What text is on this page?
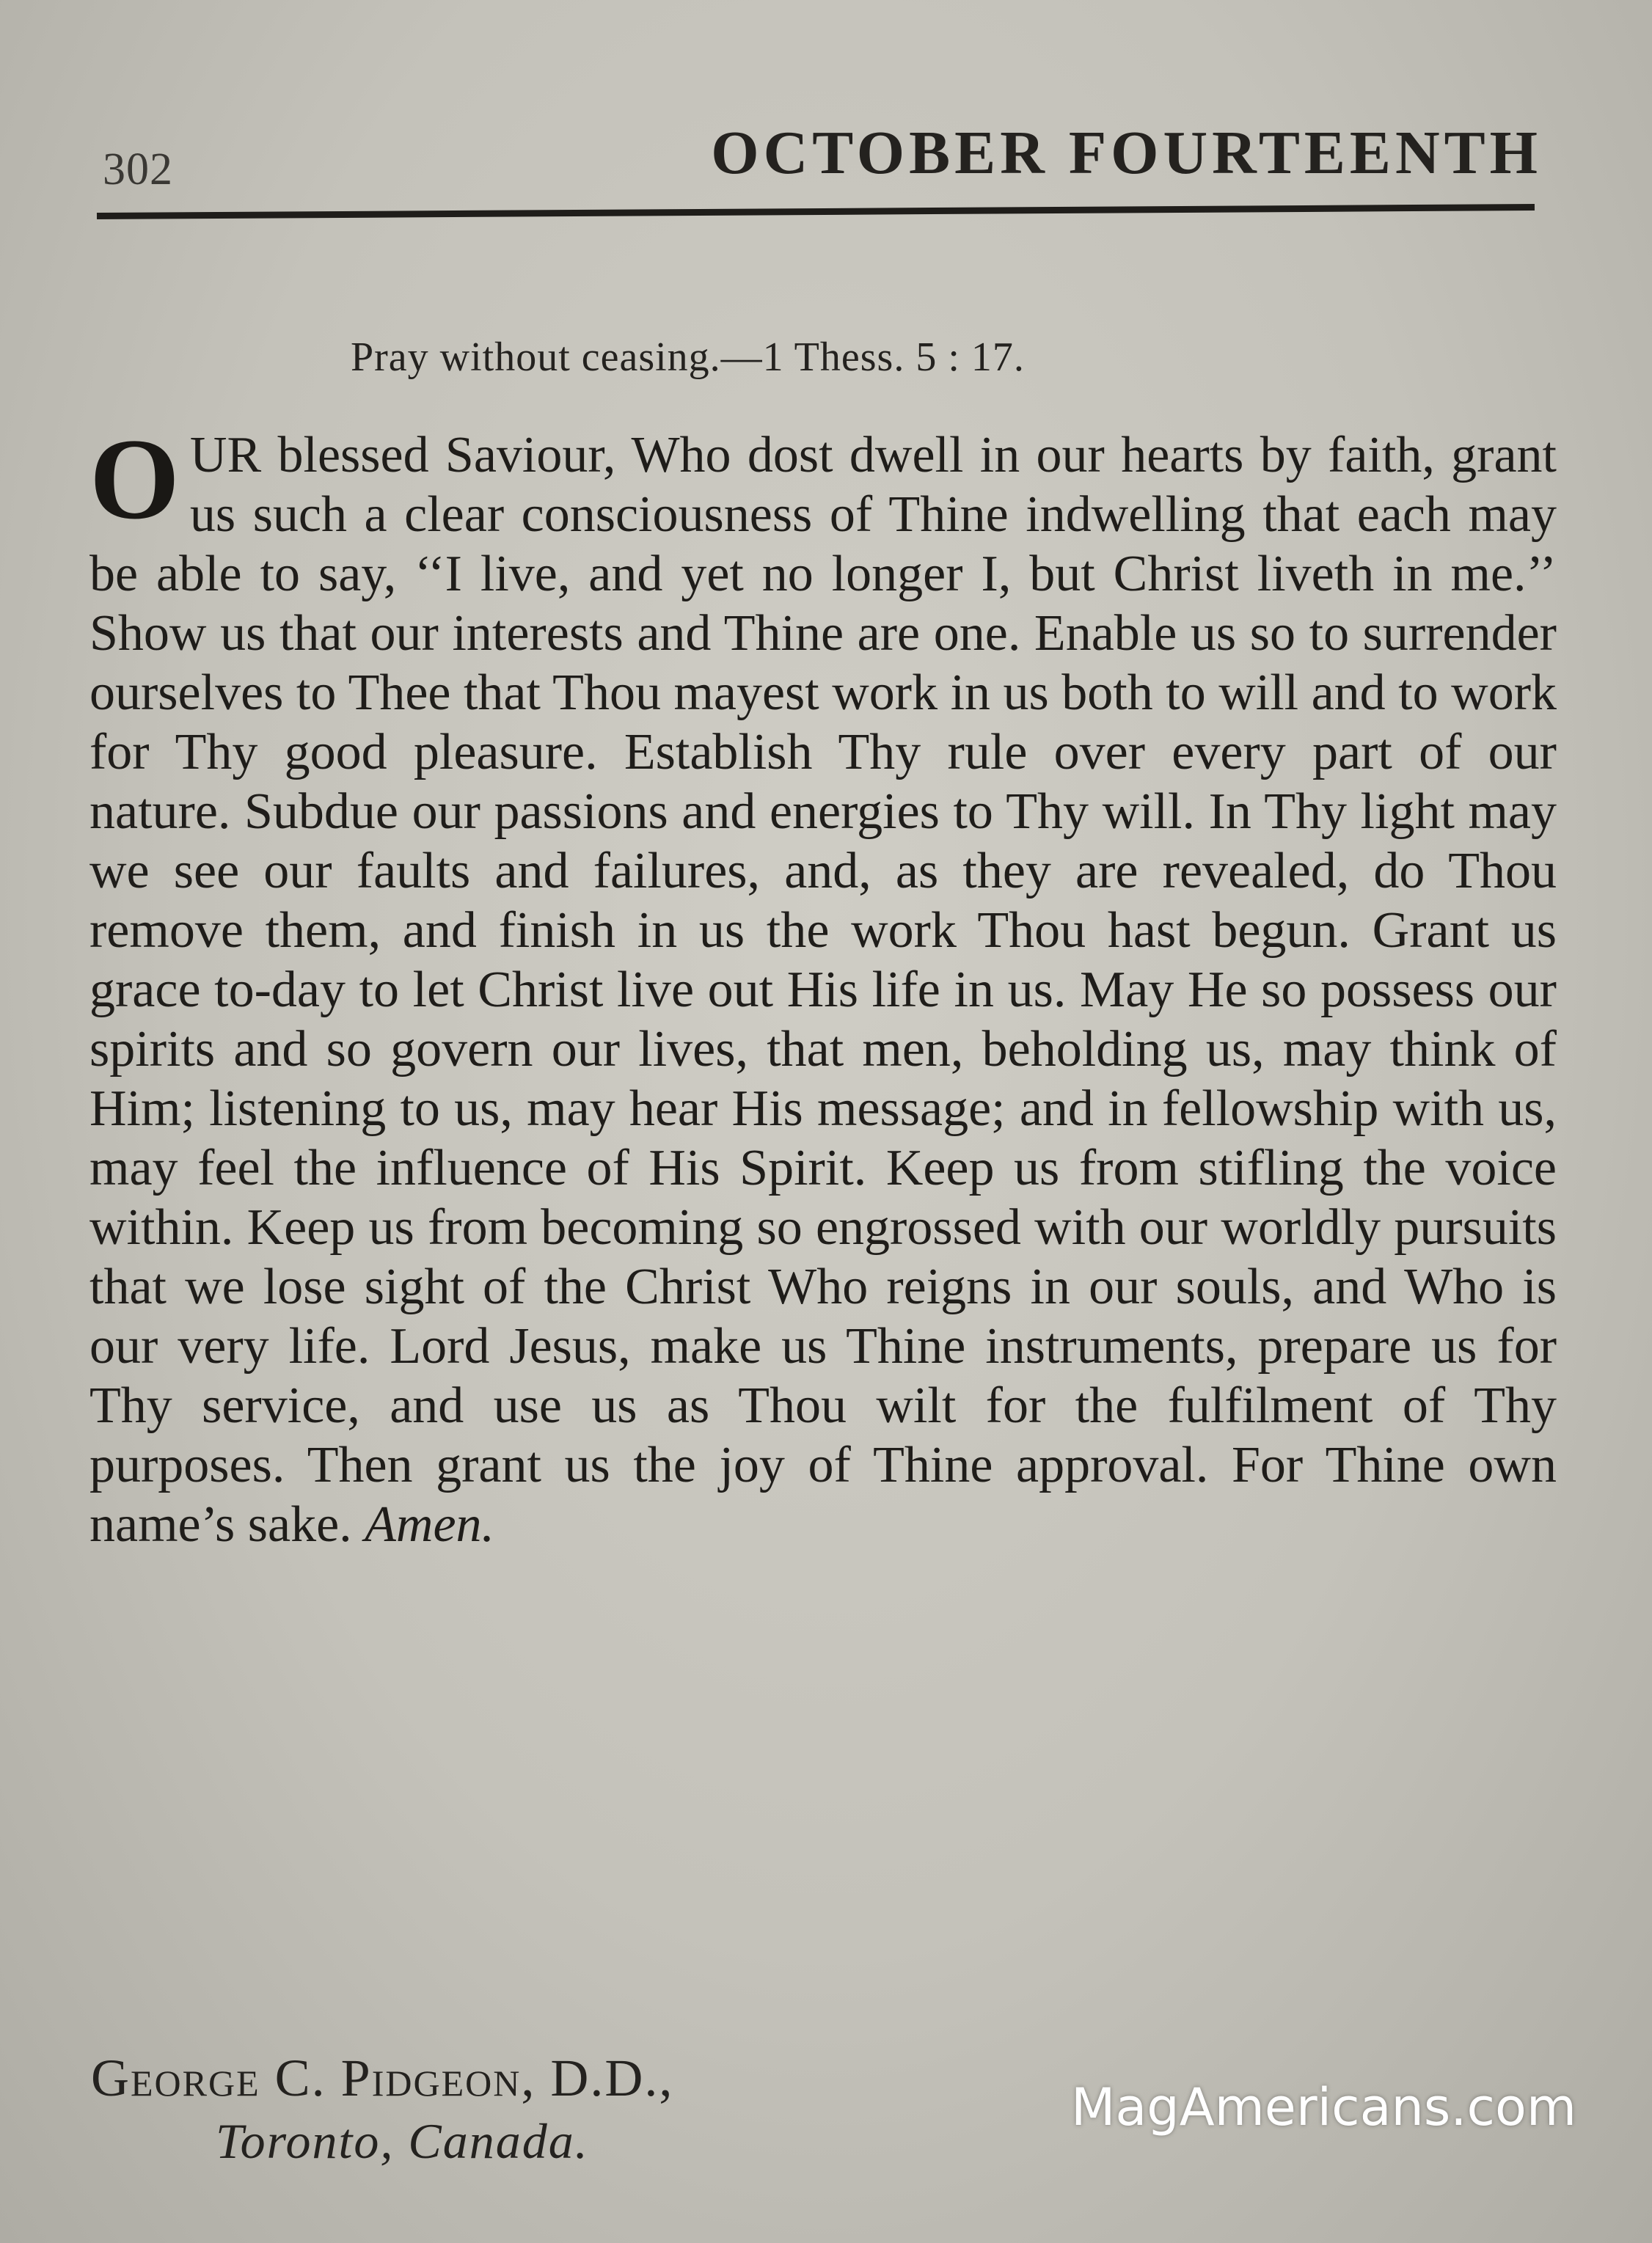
302	OCTOBER FOURTEENTH
Pray without ceasing.—1 Thess. 5 : 17.
O UR blessed Saviour, Who dost dwell in our hearts by faith, grant us such a clear consciousness of Thine indwelling that each may be able to say, ‘‘I live, and yet no longer I, but Christ liveth in me.’’ Show us that our interests and Thine are one. Enable us so to surrender ourselves to Thee that Thou mayest work in us both to will and to work for Thy good pleasure. Establish Thy rule over every part of our nature. Subdue our passions and energies to Thy will. In Thy light may we see our faults and failures, and, as they are revealed, do Thou remove them, and finish in us the work Thou hast begun. Grant us grace to-day to let Christ live out His life in us. May He so possess our spirits and so govern our lives, that men, beholding us, may think of Him; listening to us, may hear His message; and in fellowship with us, may feel the influence of His Spirit. Keep us from stifling the voice within. Keep us from becoming so engrossed with our worldly pursuits that we lose sight of the Christ Who reigns in our souls, and Who is our very life. Lord Jesus, make us Thine instruments, prepare us for Thy service, and use us as Thou wilt for the fulfilment of Thy purposes. Then grant us the joy of Thine approval. For Thine own name’s sake. Amen.
George C. Pidgeon, D.D.,
Toronto, Canada.
MagAmericans.com
